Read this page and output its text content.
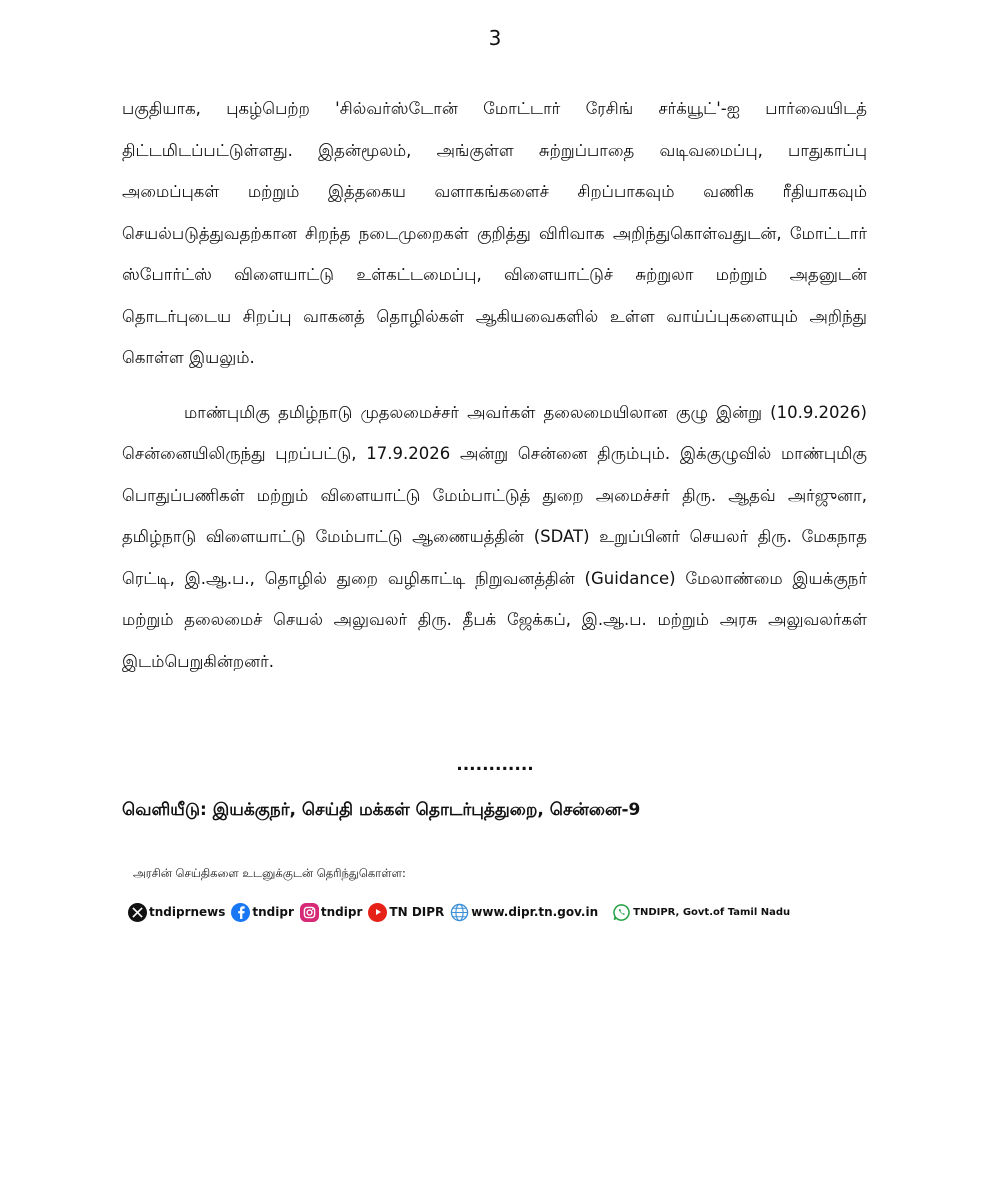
3

பகுதியாக, புகழ்பெற்ற 'சில்வர்ஸ்டோன் மோட்டார் ரேசிங் சர்க்யூட்'-ஐ பார்வையிடத் திட்டமிடப்பட்டுள்ளது. இதன்மூலம், அங்குள்ள சுற்றுப்பாதை வடிவமைப்பு, பாதுகாப்பு அமைப்புகள் மற்றும் இத்தகைய வளாகங்களைச் சிறப்பாகவும் வணிக ரீதியாகவும் செயல்படுத்துவதற்கான சிறந்த நடைமுறைகள் குறித்து விரிவாக அறிந்துகொள்வதுடன், மோட்டார் ஸ்போர்ட்ஸ் விளையாட்டு உள்கட்டமைப்பு, விளையாட்டுச் சுற்றுலா மற்றும் அதனுடன் தொடர்புடைய சிறப்பு வாகனத் தொழில்கள் ஆகியவைகளில் உள்ள வாய்ப்புகளையும் அறிந்து கொள்ள இயலும்.

மாண்புமிகு தமிழ்நாடு முதலமைச்சர் அவர்கள் தலைமையிலான குழு இன்று (10.9.2026) சென்னையிலிருந்து புறப்பட்டு, 17.9.2026 அன்று சென்னை திரும்பும். இக்குழுவில் மாண்புமிகு பொதுப்பணிகள் மற்றும் விளையாட்டு மேம்பாட்டுத் துறை அமைச்சர் திரு. ஆதவ் அர்ஜுனா, தமிழ்நாடு விளையாட்டு மேம்பாட்டு ஆணையத்தின் (SDAT) உறுப்பினர் செயலர் திரு. மேகநாத ரெட்டி, இ.ஆ.ப., தொழில் துறை வழிகாட்டி நிறுவனத்தின் (Guidance) மேலாண்மை இயக்குநர் மற்றும் தலைமைச் செயல் அலுவலர் திரு. தீபக் ஜேக்கப், இ.ஆ.ப. மற்றும் அரசு அலுவலர்கள் இடம்பெறுகின்றனர்.

............
வெளியீடு: இயக்குநர், செய்தி மக்கள் தொடர்புத்துறை, சென்னை-9
அரசின் செய்திகளை உடனுக்குடன் தெரிந்துகொள்ள:
tndiprnews tndipr tndipr TN DIPR www.dipr.tn.gov.in	TNDIPR, Govt.of Tamil Nadu
